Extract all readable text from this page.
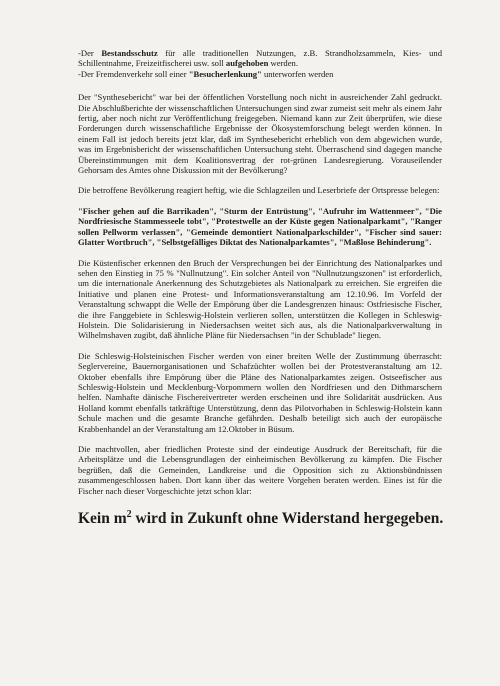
-Der Bestandsschutz für alle traditionellen Nutzungen, z.B. Strandholzsammeln, Kies- und Schillentnahme, Freizeitfischerei usw. soll aufgehoben werden.

-Der Fremdenverkehr soll einer "Besucherlenkung" unterworfen werden

Der "Synthesebericht" war bei der öffentlichen Vorstellung noch nicht in ausreichender Zahl gedruckt. Die Abschlußberichte der wissenschaftlichen Untersuchungen sind zwar zumeist seit mehr als einem Jahr fertig, aber noch nicht zur Veröffentlichung freigegeben. Niemand kann zur Zeit überprüfen, wie diese Forderungen durch wissenschaftliche Ergebnisse der Ökosystemforschung belegt werden können. In einem Fall ist jedoch bereits jetzt klar, daß im Synthesebericht erheblich von dem abgewichen wurde, was im Ergebnisbericht der wissenschaftlichen Untersuchung steht. Überraschend sind dagegen manche Übereinstimmungen mit dem Koalitionsvertrag der rot-grünen Landesregierung. Vorauseilender Gehorsam des Amtes ohne Diskussion mit der Bevölkerung?

Die betroffene Bevölkerung reagiert heftig, wie die Schlagzeilen und Leserbriefe der Ortspresse belegen:

"Fischer gehen auf die Barrikaden", "Sturm der Entrüstung", "Aufruhr im Wattenmeer", "Die Nordfriesische Stammesseele tobt", "Protestwelle an der Küste gegen Nationalparkamt", "Ranger sollen Pellworm verlassen", "Gemeinde demontiert Nationalparkschilder", "Fischer sind sauer: Glatter Wortbruch", "Selbstgefälliges Diktat des Nationalparkamtes", "Maßlose Behinderung".

Die Küstenfischer erkennen den Bruch der Versprechungen bei der Einrichtung des Nationalparkes und sehen den Einstieg in 75 % "Nullnutzung". Ein solcher Anteil von "Nullnutzungszonen" ist erforderlich, um die internationale Anerkennung des Schutzgebietes als Nationalpark zu erreichen. Sie ergreifen die Initiative und planen eine Protest- und Informationsveranstaltung am 12.10.96. Im Vorfeld der Veranstaltung schwappt die Welle der Empörung über die Landesgrenzen hinaus: Ostfriesische Fischer, die ihre Fanggebiete in Schleswig-Holstein verlieren sollen, unterstützen die Kollegen in Schleswig-Holstein. Die Solidarisierung in Niedersachsen weitet sich aus, als die Nationalparkverwaltung in Wilhelmshaven zugibt, daß ähnliche Pläne für Niedersachsen "in der Schublade" liegen.

Die Schleswig-Holsteinischen Fischer werden von einer breiten Welle der Zustimmung überrascht: Seglervereine, Bauernorganisationen und Schafzüchter wollen bei der Protestveranstaltung am 12. Oktober ebenfalls ihre Empörung über die Pläne des Nationalparkamtes zeigen. Ostseefischer aus Schleswig-Holstein und Mecklenburg-Vorpommern wollen den Nordfriesen und den Dithmarschern helfen. Namhafte dänische Fischereivertreter werden erscheinen und ihre Solidarität ausdrücken. Aus Holland kommt ebenfalls tatkräftige Unterstützung, denn das Pilotvorhaben in Schleswig-Holstein kann Schule machen und die gesamte Branche gefährden. Deshalb beteiligt sich auch der europäische Krabbenhandel an der Veranstaltung am 12.Oktober in Büsum.

Die machtvollen, aber friedlichen Proteste sind der eindeutige Ausdruck der Bereitschaft, für die Arbeitsplätze und die Lebensgrundlagen der einheimischen Bevölkerung zu kämpfen. Die Fischer begrüßen, daß die Gemeinden, Landkreise und die Opposition sich zu Aktionsbündnissen zusammengeschlossen haben. Dort kann über das weitere Vorgehen beraten werden. Eines ist für die Fischer nach dieser Vorgeschichte jetzt schon klar:

Kein $m^2$ wird in Zukunft ohne Widerstand hergegeben.
